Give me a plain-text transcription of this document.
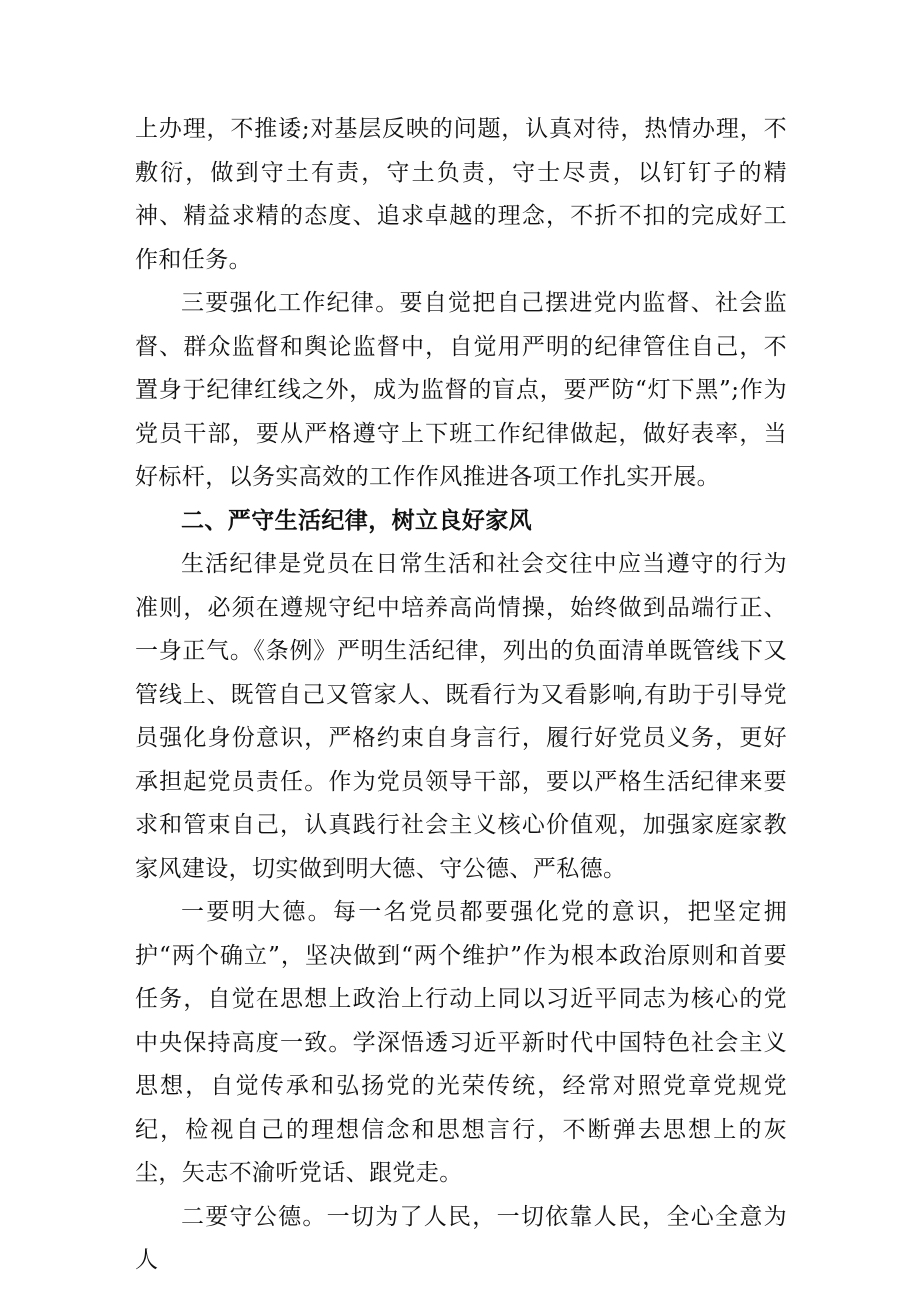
上办理，不推诿;对基层反映的问题，认真对待，热情办理，不敷衍，做到守土有责，守土负责，守士尽责，以钉钉子的精神、精益求精的态度、追求卓越的理念，不折不扣的完成好工作和任务。

三要强化工作纪律。要自觉把自己摆进党内监督、社会监督、群众监督和舆论监督中，自觉用严明的纪律管住自己，不置身于纪律红线之外，成为监督的盲点，要严防“灯下黑”;作为党员干部，要从严格遵守上下班工作纪律做起，做好表率，当好标杆，以务实高效的工作作风推进各项工作扎实开展。

二、严守生活纪律，树立良好家风

生活纪律是党员在日常生活和社会交往中应当遵守的行为准则，必须在遵规守纪中培养高尚情操，始终做到品端行正、一身正气。《条例》严明生活纪律，列出的负面清单既管线下又管线上、既管自己又管家人、既看行为又看影响,有助于引导党员强化身份意识，严格约束自身言行，履行好党员义务，更好承担起党员责任。作为党员领导干部，要以严格生活纪律来要求和管束自己，认真践行社会主义核心价值观，加强家庭家教家风建设，切实做到明大德、守公德、严私德。

一要明大德。每一名党员都要强化党的意识，把坚定拥护“两个确立”，坚决做到“两个维护”作为根本政治原则和首要任务，自觉在思想上政治上行动上同以习近平同志为核心的党中央保持高度一致。学深悟透习近平新时代中国特色社会主义思想，自觉传承和弘扬党的光荣传统，经常对照党章党规党纪，检视自己的理想信念和思想言行，不断弹去思想上的灰尘，矢志不渝听党话、跟党走。

二要守公德。一切为了人民，一切依靠人民，全心全意为人
